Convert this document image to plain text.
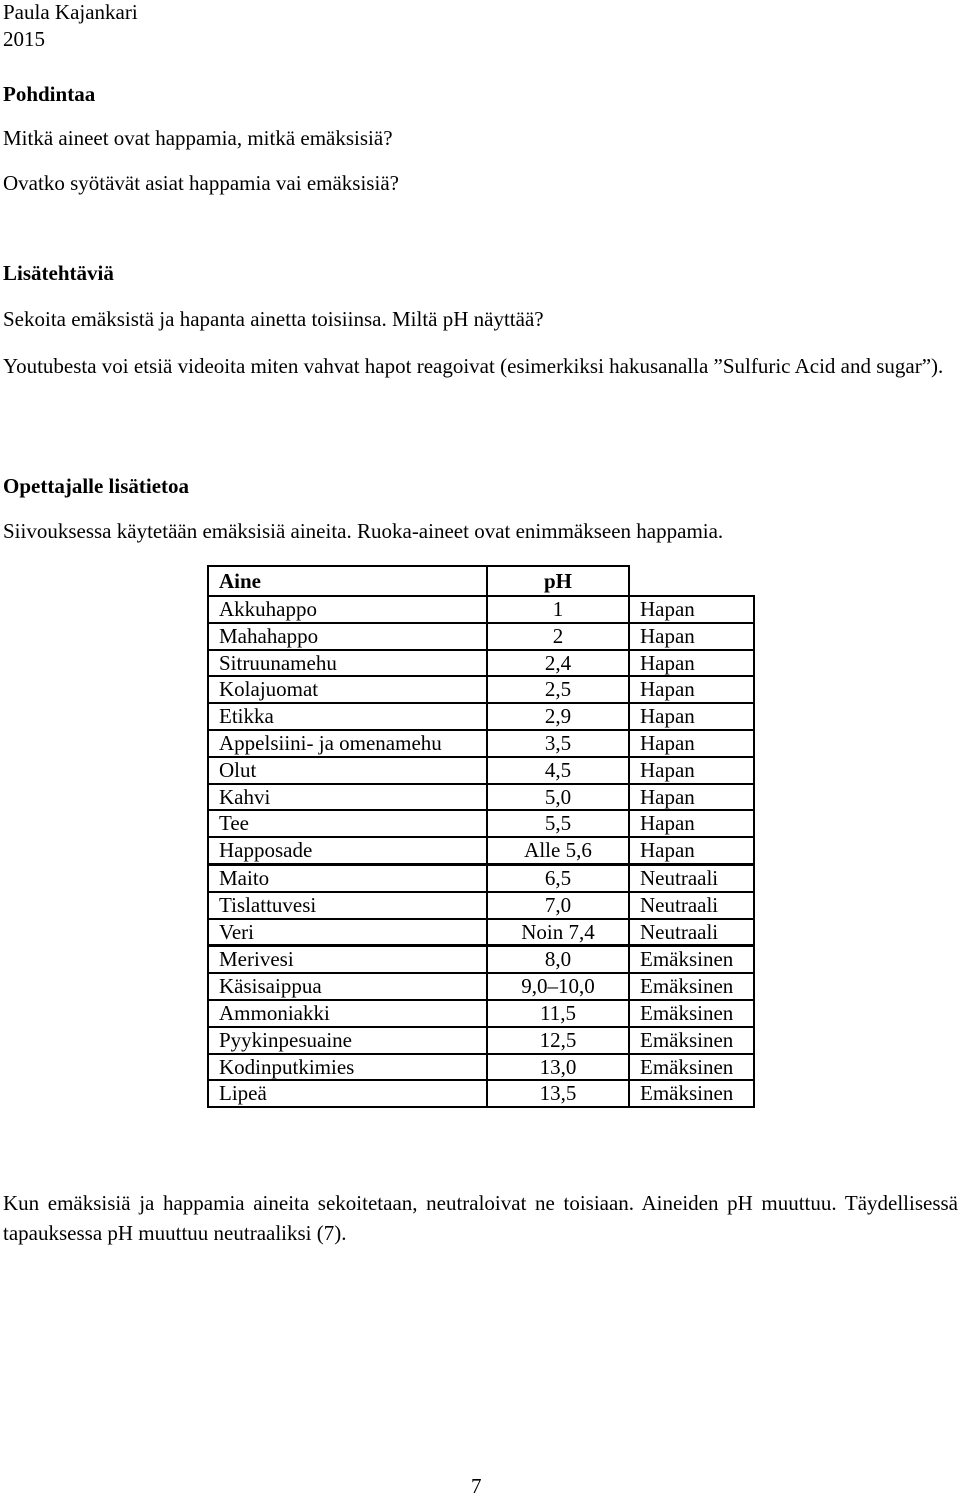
Paula Kajankari
2015
Pohdintaa
Mitkä aineet ovat happamia, mitkä emäksisiä?
Ovatko syötävät asiat happamia vai emäksisiä?
Lisätehtäviä
Sekoita emäksistä ja hapanta ainetta toisiinsa. Miltä pH näyttää?
Youtubesta voi etsiä videoita miten vahvat hapot reagoivat (esimerkiksi hakusanalla ”Sulfuric Acid and sugar”).
Opettajalle lisätietoa
Siivouksessa käytetään emäksisiä aineita. Ruoka-aineet ovat enimmäkseen happamia.
Aine	pH	
Akkuhappo	1	Hapan
Mahahappo	2	Hapan
Sitruunamehu	2,4	Hapan
Kolajuomat	2,5	Hapan
Etikka	2,9	Hapan
Appelsiini- ja omenamehu	3,5	Hapan
Olut	4,5	Hapan
Kahvi	5,0	Hapan
Tee	5,5	Hapan
Happosade	Alle 5,6	Hapan
Maito	6,5	Neutraali
Tislattuvesi	7,0	Neutraali
Veri	Noin 7,4	Neutraali
Merivesi	8,0	Emäksinen
Käsisaippua	9,0–10,0	Emäksinen
Ammoniakki	11,5	Emäksinen
Pyykinpesuaine	12,5	Emäksinen
Kodinputkimies	13,0	Emäksinen
Lipeä	13,5	Emäksinen
Kun emäksisiä ja happamia aineita sekoitetaan, neutraloivat ne toisiaan. Aineiden pH muuttuu. Täydellisessä tapauksessa pH muuttuu neutraaliksi (7).
7
